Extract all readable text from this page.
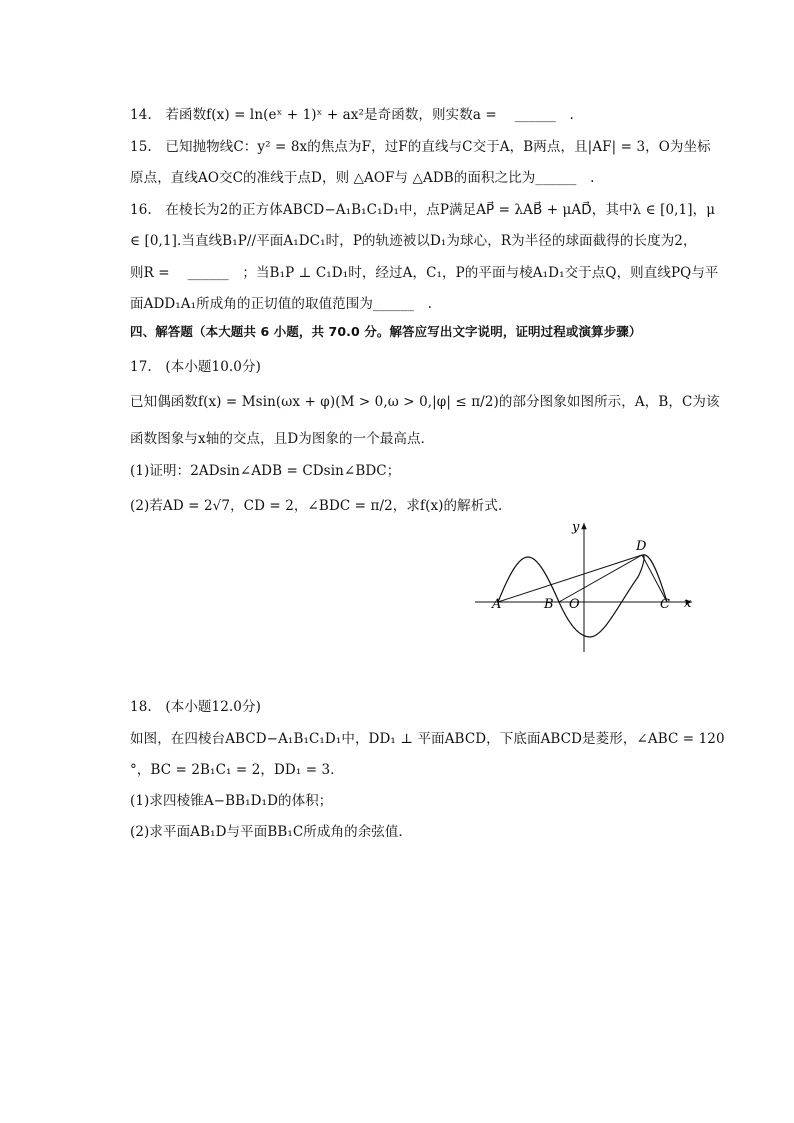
14.　若函数f(x) = ln(eˣ + 1)ˣ + ax²是奇函数，则实数a = 　______　.
15.　已知抛物线C：y² = 8x的焦点为F，过F的直线与C交于A，B两点，且|AF| = 3，O为坐标
原点，直线AO交C的准线于点D，则 △AOF与 △ADB的面积之比为______　.
16.　在棱长为2的正方体ABCD−A₁B₁C₁D₁中，点P满足AP⃗ = λAB⃗ + μAD⃗，其中λ ∈ [0,1]，μ
∈ [0,1].当直线B₁P//平面A₁DC₁时，P的轨迹被以D₁为球心，R为半径的球面截得的长度为2，
则R = 　______　；当B₁P ⊥ C₁D₁时，经过A，C₁，P的平面与棱A₁D₁交于点Q，则直线PQ与平
面ADD₁A₁所成角的正切值的取值范围为______　.
四、解答题（本大题共 6 小题，共 70.0 分。解答应写出文字说明，证明过程或演算步骤）
17.　(本小题10.0分)
已知偶函数f(x) = Msin(ωx + φ)(M > 0,ω > 0,|φ| ≤ π/2)的部分图象如图所示，A，B，C为该
函数图象与x轴的交点，且D为图象的一个最高点．
(1)证明：2ADsin∠ADB = CDsin∠BDC；
(2)若AD = 2√7，CD = 2，∠BDC = π/2，求f(x)的解析式．
y
x
A	B O	C
D
18.　(本小题12.0分)
如图，在四棱台ABCD−A₁B₁C₁D₁中，DD₁ ⊥ 平面ABCD，下底面ABCD是菱形，∠ABC = 120
°，BC = 2B₁C₁ = 2，DD₁ = 3．
(1)求四棱锥A−BB₁D₁D的体积；
(2)求平面AB₁D与平面BB₁C所成角的余弦值．
